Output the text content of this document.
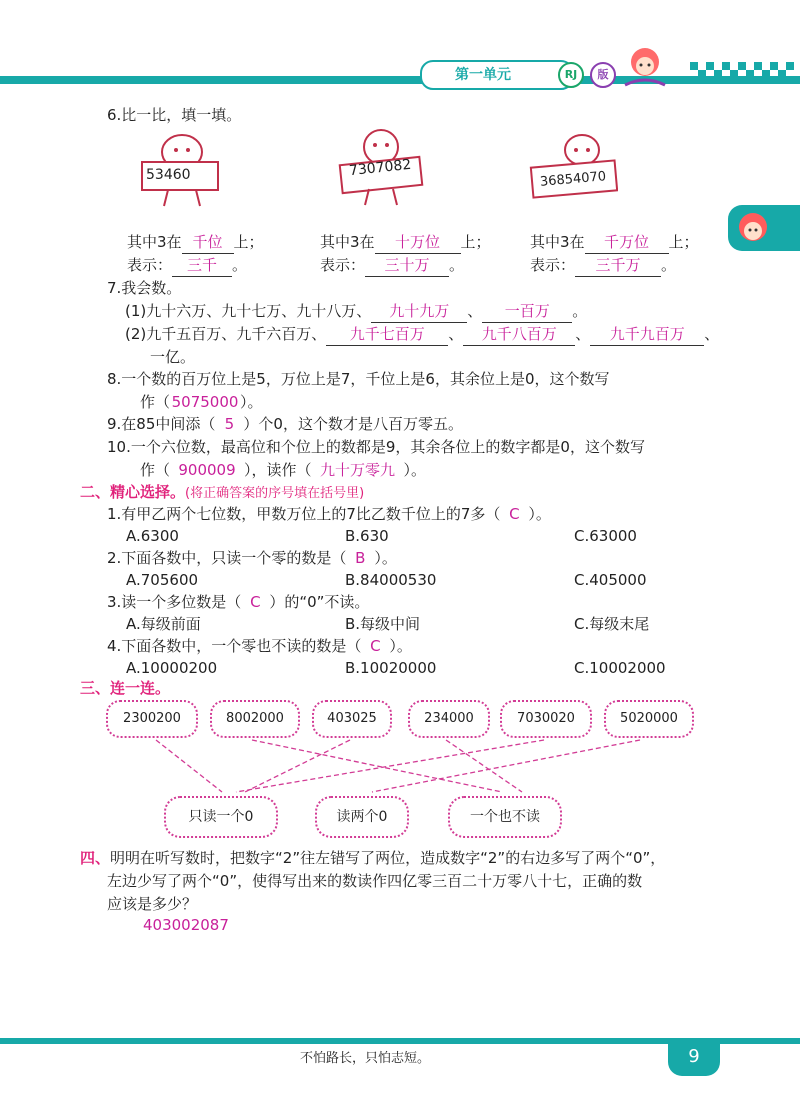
第一单元	RJ	版
6.比一比，填一填。
53460	7307082
36854070
其中3在 千位 上；	其中3在 十万位 上；	其中3在 千万位 上；
表示： 三千 。	表示： 三十万 。	表示： 三千万 。
7.我会数。
(1)九十六万、九十七万、九十八万、 九十九万 、 一百万 。
(2)九千五百万、九千六百万、 九千七百万 、 九千八百万 、 九千九百万 、
一亿。
8.一个数的百万位上是5，万位上是7，千位上是6，其余位上是0，这个数写
作（ 5075000 ）。
9.在85中间添（ 5 ）个0，这个数才是八百万零五。
10.一个六位数，最高位和个位上的数都是9，其余各位上的数字都是0，这个数写
作（ 900009 ），读作（ 九十万零九 ）。
二、精心选择。(将正确答案的序号填在括号里)
1.有甲乙两个七位数，甲数万位上的7比乙数千位上的7多（ C ）。
A.6300	B.630	C.63000
2.下面各数中，只读一个零的数是（ B ）。
A.705600	B.84000530	C.405000
3.读一个多位数是（ C ）的“0”不读。
A.每级前面	B.每级中间	C.每级末尾
4.下面各数中，一个零也不读的数是（ C ）。
A.10000200	B.10020000	C.10002000
三、连一连。
2300200	8002000	403025	234000	7030020	5020000
只读一个0	读两个0	一个也不读
四、明明在听写数时，把数字“2”往左错写了两位，造成数字“2”的右边多写了两个“0”，
左边少写了两个“0”，使得写出来的数读作四亿零三百二十万零八十七，正确的数
应该是多少？
403002087
不怕路长，只怕志短。	9
